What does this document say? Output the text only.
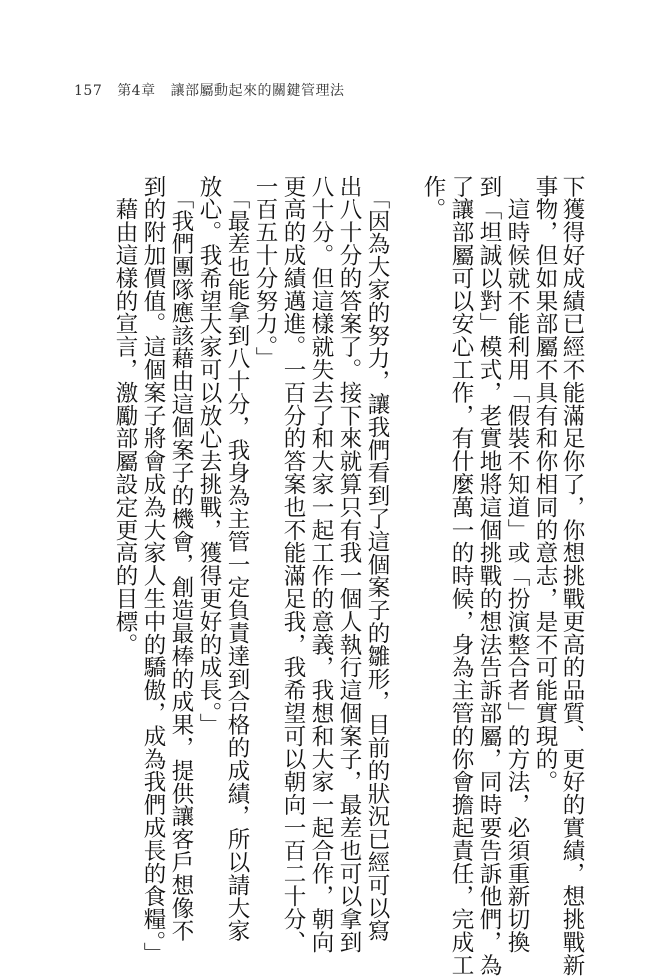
157 第4章 讓部屬動起來的關鍵管理法
下獲得好成績已經不能滿足你了，你想挑戰更高的品質、更好的實績，想挑戰新
事物，但如果部屬不具有和你相同的意志，是不可能實現的。
　這時候就不能利用「假裝不知道」或「扮演整合者」的方法，必須重新切換
到「坦誠以對」模式，老實地將這個挑戰的想法告訴部屬，同時要告訴他們，為
了讓部屬可以安心工作，有什麼萬一的時候，身為主管的你會擔起責任，完成工
作。
　「因為大家的努力，讓我們看到了這個案子的雛形，目前的狀況已經可以寫
出八十分的答案了。接下來就算只有我一個人執行這個案子，最差也可以拿到
八十分。但這樣就失去了和大家一起工作的意義，我想和大家一起合作，朝向
更高的成績邁進。一百分的答案也不能滿足我，我希望可以朝向一百二十分、
一百五十分努力。」
　「最差也能拿到八十分，我身為主管一定負責達到合格的成績，所以請大家
放心。我希望大家可以放心去挑戰，獲得更好的成長。」
　「我們團隊應該藉由這個案子的機會，創造最棒的成果，提供讓客戶想像不
到的附加價值。這個案子將會成為大家人生中的驕傲，成為我們成長的食糧。」
　藉由這樣的宣言，激勵部屬設定更高的目標。
